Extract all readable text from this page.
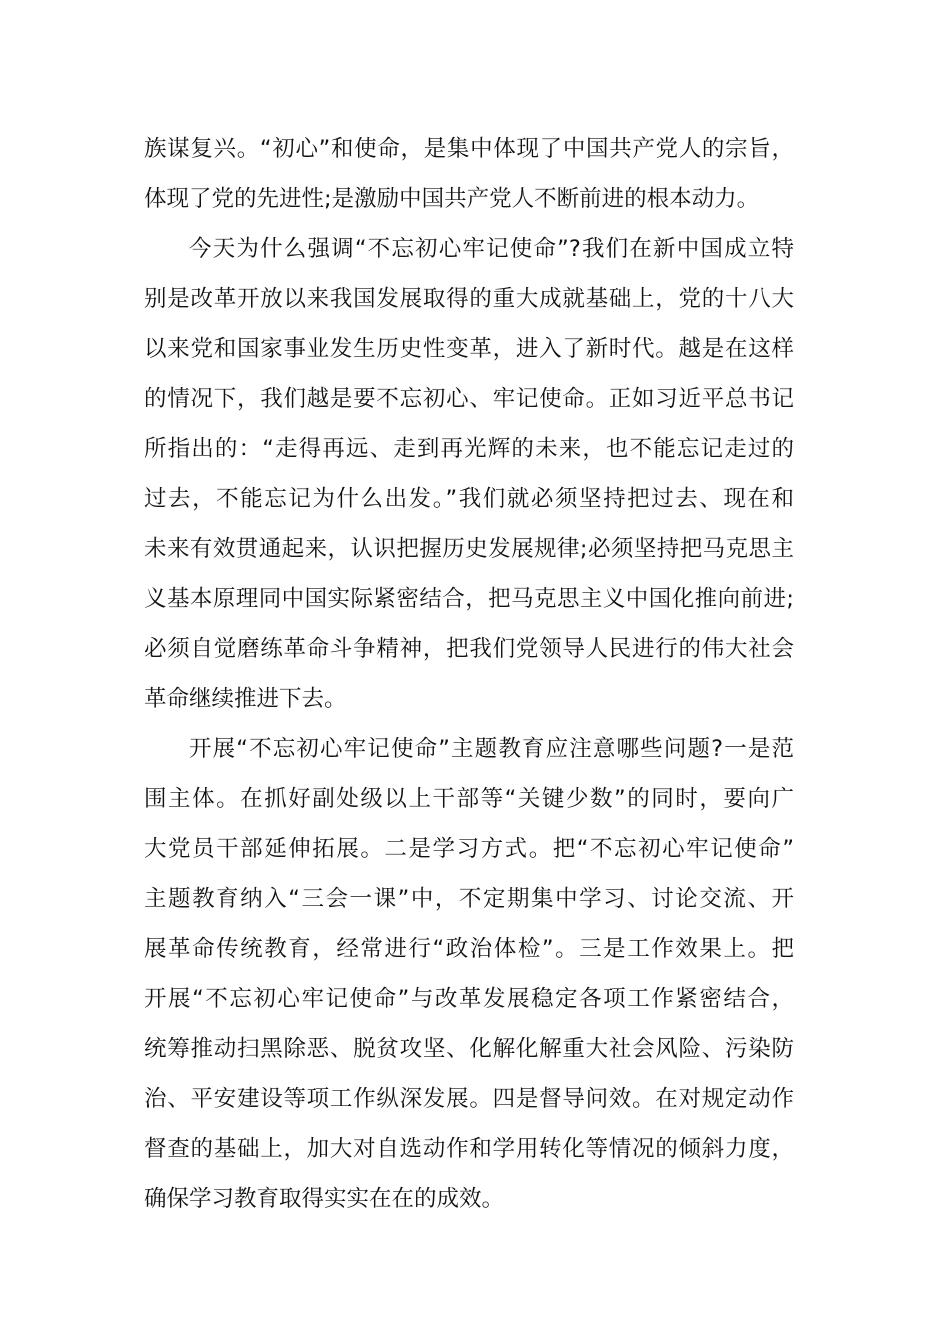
族谋复兴。“初心”和使命，是集中体现了中国共产党人的宗旨，
体现了党的先进性;是激励中国共产党人不断前进的根本动力。
今天为什么强调“不忘初心牢记使命”?我们在新中国成立特
别是改革开放以来我国发展取得的重大成就基础上，党的十八大
以来党和国家事业发生历史性变革，进入了新时代。越是在这样
的情况下，我们越是要不忘初心、牢记使命。正如习近平总书记
所指出的：“走得再远、走到再光辉的未来，也不能忘记走过的
过去，不能忘记为什么出发。”我们就必须坚持把过去、现在和
未来有效贯通起来，认识把握历史发展规律;必须坚持把马克思主
义基本原理同中国实际紧密结合，把马克思主义中国化推向前进;
必须自觉磨练革命斗争精神，把我们党领导人民进行的伟大社会
革命继续推进下去。
开展“不忘初心牢记使命”主题教育应注意哪些问题?一是范
围主体。在抓好副处级以上干部等“关键少数”的同时，要向广
大党员干部延伸拓展。二是学习方式。把“不忘初心牢记使命”
主题教育纳入“三会一课”中，不定期集中学习、讨论交流、开
展革命传统教育，经常进行“政治体检”。三是工作效果上。把
开展“不忘初心牢记使命”与改革发展稳定各项工作紧密结合，
统筹推动扫黑除恶、脱贫攻坚、化解化解重大社会风险、污染防
治、平安建设等项工作纵深发展。四是督导问效。在对规定动作
督查的基础上，加大对自选动作和学用转化等情况的倾斜力度，
确保学习教育取得实实在在的成效。
